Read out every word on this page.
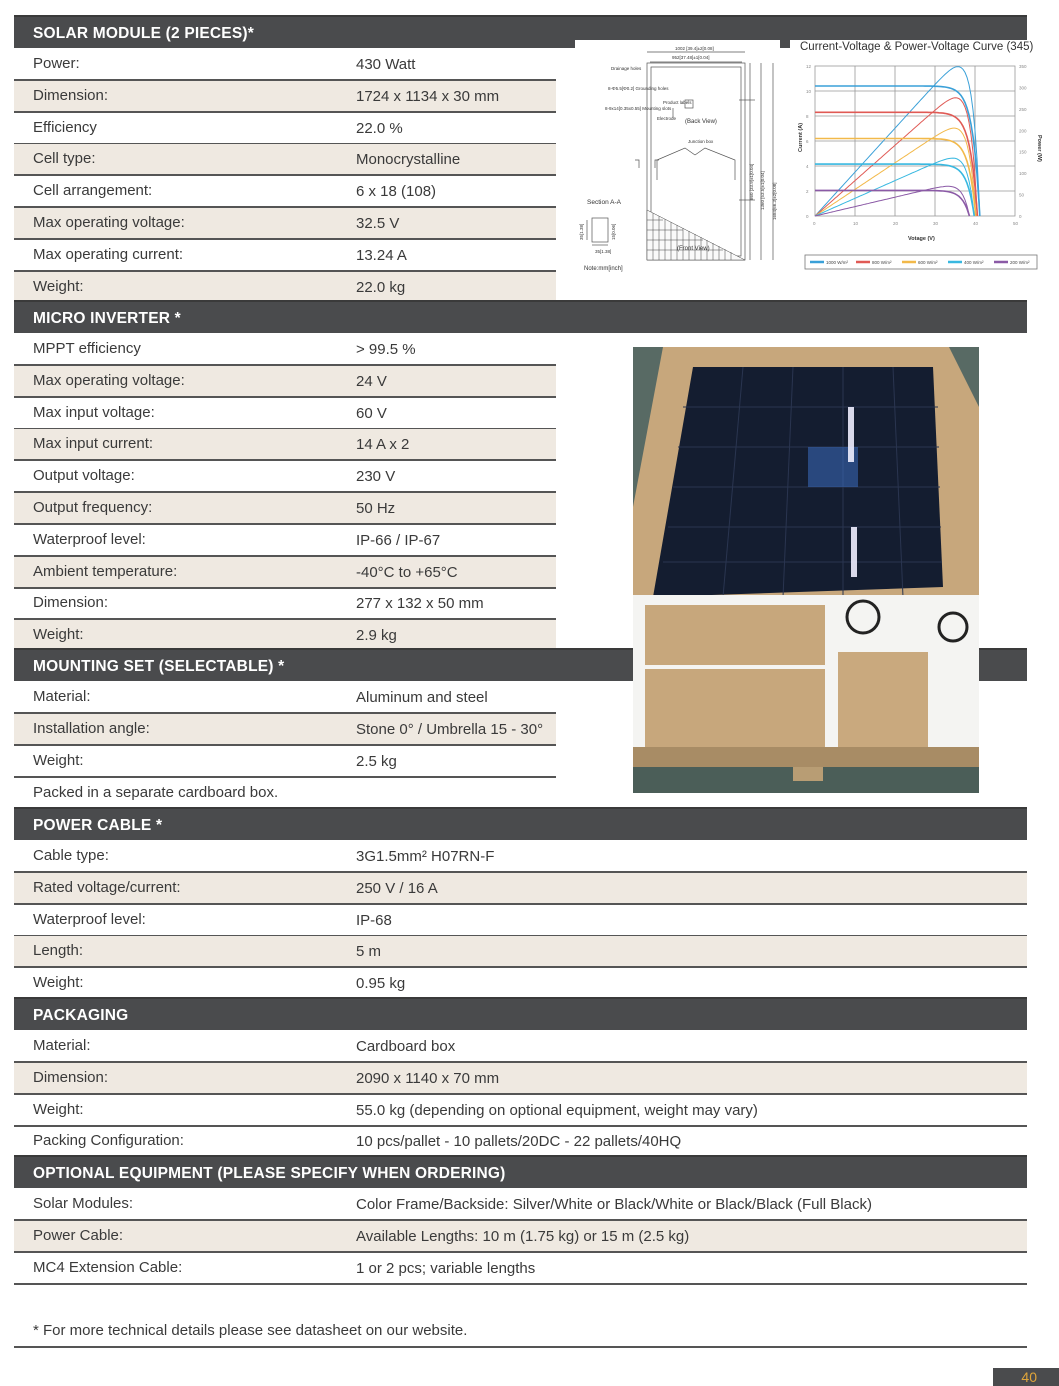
SOLAR MODULE (2 PIECES)*
Power:	430 Watt
Dimension:	1724 x 1134 x 30 mm
Efficiency	22.0 %
Cell type:	Monocrystalline
Cell arrangement:	6 x 18 (108)
Max operating voltage:	32.5 V
Max operating current:	13.24 A
Weight:	22.0 kg
1002 [39.4]±2[0.08]
952[37.48]±1[0.04]
Drainage holes
8-Φ5.5[Φ0.2] Grounding holes
8-9x14[0.35x0.55] Mounting slots
Product labels
Electrode
(Back View)
Junction box
(Front View)
Section A-A
Note:mm[inch]
35[1.38]
860 [33.9]±1[0.04] 1360 [53.5]±1[0.04] 1684[66.3]±2[0.08]
35[1.38]	15[0.06]
Current-Voltage & Power-Voltage Curve (345)
0	10	20	30	40	50
0
2
4
6
8
10
12
0
50
100
150
200
250
300
350
Votage (V)
Current (A)	Power (W)
1000 W/m²	800 W/m²	600 W/m²	400 W/m²	200 W/m²
MICRO INVERTER *
MPPT efficiency	> 99.5 %
Max operating voltage:	24 V
Max input voltage:	60 V
Max input current:	14 A x 2
Output voltage:	230 V
Output frequency:	50 Hz
Waterproof level:	IP-66 / IP-67
Ambient temperature:	-40°C to +65°C
Dimension:	277 x 132 x 50 mm
Weight:	2.9 kg
MOUNTING SET (SELECTABLE) *
Material:	Aluminum and steel
Installation angle:	Stone 0° / Umbrella 15 - 30°
Weight:	2.5 kg
Packed in a separate cardboard box.
POWER CABLE *
Cable type:	3G1.5mm² H07RN-F
Rated voltage/current:	250 V / 16 A
Waterproof level:	IP-68
Length:	5 m
Weight:	0.95 kg
PACKAGING
Material:	Cardboard box
Dimension:	2090 x 1140 x 70 mm
Weight:	55.0 kg (depending on optional equipment, weight may vary)
Packing Configuration:	10 pcs/pallet - 10 pallets/20DC - 22 pallets/40HQ
OPTIONAL EQUIPMENT (PLEASE SPECIFY WHEN ORDERING)
Solar Modules:	Color Frame/Backside: Silver/White or Black/White or Black/Black (Full Black)
Power Cable:	Available Lengths: 10 m (1.75 kg) or 15 m (2.5 kg)
MC4 Extension Cable:	1 or 2 pcs; variable lengths
* For more technical details please see datasheet on our website.
40
